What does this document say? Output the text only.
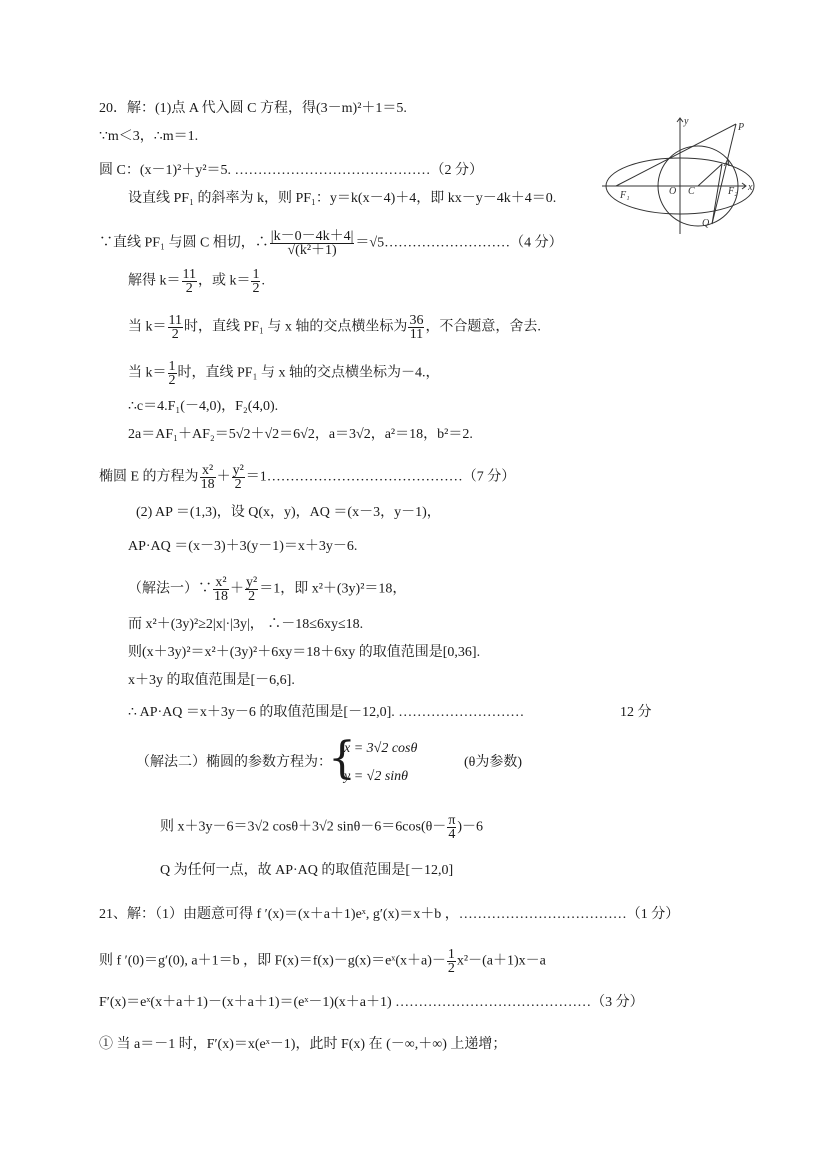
20．解：(1)点 A 代入圆 C 方程，得(3－m)²＋1＝5.
∵m＜3，∴m＝1.
圆 C：(x－1)²＋y²＝5. ……………………………………（2 分）
设直线 PF₁ 的斜率为 k，则 PF₁：y＝k(x－4)＋4，即 kx－y－4k＋4＝0.
∵直线 PF₁ 与圆 C 相切，∴ $\frac{|k-0-4k+4|}{\text{√(k²＋1)}}$ ＝√5………………………（4 分）
解得 $k= \frac{11}{2}$ ，或 $k= \frac{1}{2}$ .
当 $k= \frac{11}{2}$ 时，直线 PF₁ 与 x 轴的交点横坐标为 $\frac{36}{11}$ ，不合题意，舍去.
当 $k= \frac{1}{2}$ 时，直线 PF₁ 与 x 轴的交点横坐标为－4.，
∴c＝4.F₁(－4,0)，F₂(4,0).
2a＝AF₁＋AF₂＝5√2＋√2＝6√2，a＝3√2，a²＝18，b²＝2.
椭圆 E 的方程为 $\frac{\text{x²}}{18} + \frac{\text{y²}}{2}$ ＝1……………………………………（7 分）
(2) AP ＝(1,3)，设 Q(x，y)，AQ ＝(x－3，y－1)，
AP·AQ ＝(x－3)＋3(y－1)＝x＋3y－6.
（解法一）∵ $\frac{\text{x²}}{18} + \frac{\text{y²}}{2} =1$，即 x²＋(3y)²＝18，
而 x²＋(3y)²≥2|x|·|3y|， ∴－18≤6xy≤18.
则(x＋3y)²＝x²＋(3y)²＋6xy＝18＋6xy 的取值范围是[0,36].
x＋3y 的取值范围是[－6,6].
∴ AP·AQ ＝x＋3y－6 的取值范围是[－12,0]. ………………………	12 分
（解法二）椭圆的参数方程为：
{
x = 3√2 cosθ
y = √2 sinθ
(θ为参数)
则 x＋3y－6＝3√2 cosθ＋3√2 $\sin\theta-6=6\cos(\theta- \frac{\pi}{4} )-6$
Q 为任何一点，故 AP·AQ 的取值范围是[－12,0]
21、解：（1）由题意可得 f ′(x)＝(x＋a＋1)eˣ, g′(x)＝x＋b ，………………………………（1 分）
则 f ′(0)＝g′(0), a＋1＝b ，即 F(x)＝f(x)－g(x)＝eˣ(x＋a)－ $\frac{1}{2} x^2-(a+1)x-a$
F′(x)＝eˣ(x＋a＋1)－(x＋a＋1)＝(eˣ－1)(x＋a＋1) ……………………………………（3 分）
① 当 a＝－1 时，F′(x)＝x(eˣ－1)，此时 F(x) 在 (－∞,＋∞) 上递增；
y
x
P
A
F₁	O C	F₂
Q
